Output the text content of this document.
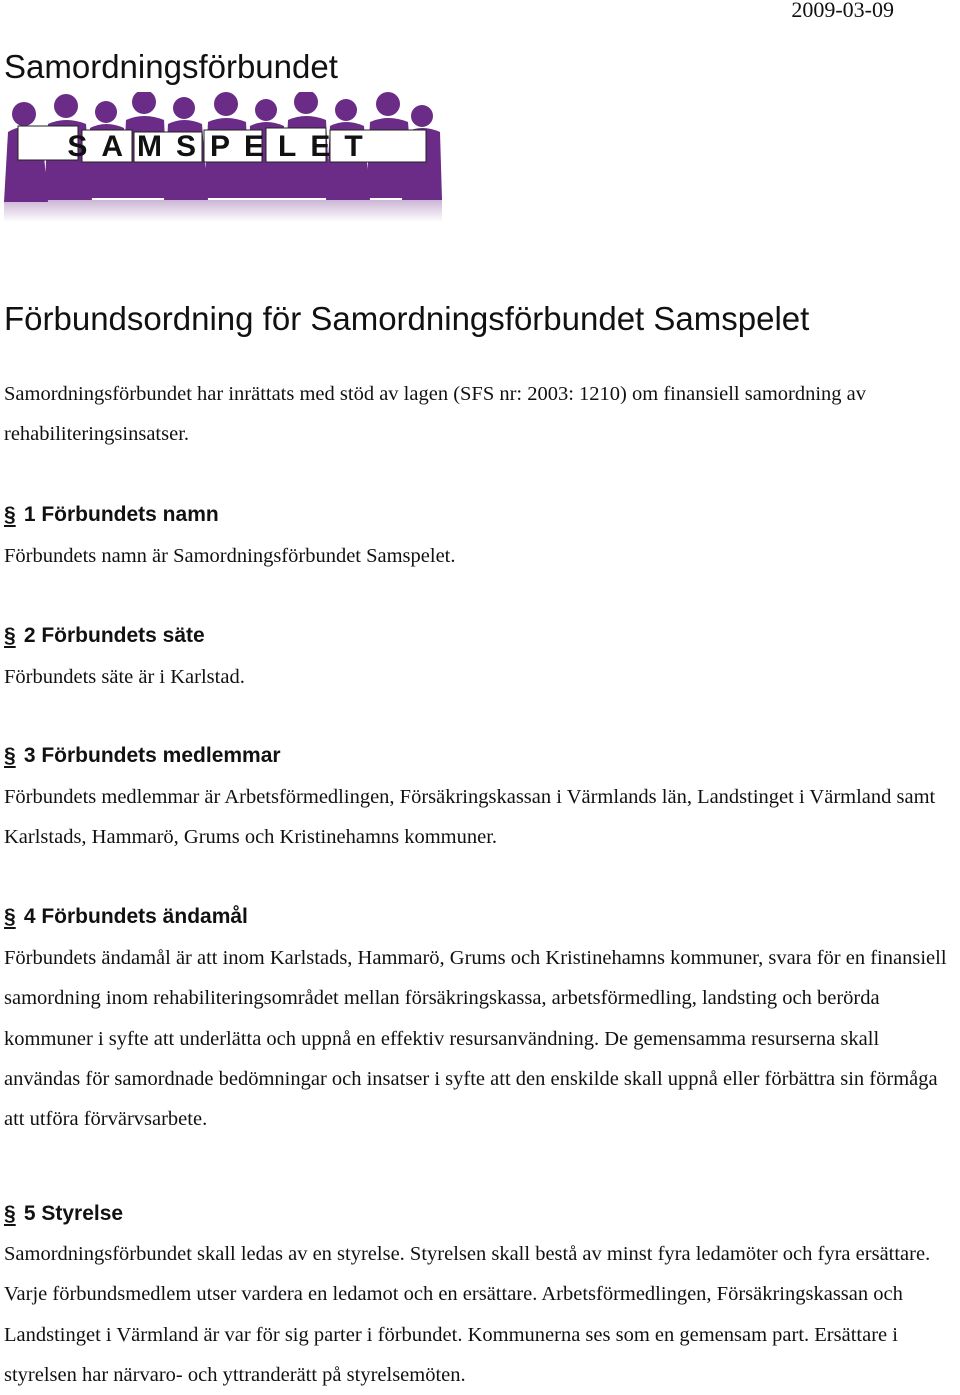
2009-03-09
Samordningsförbundet
SAMSPELET
Förbundsordning för Samordningsförbundet Samspelet

Samordningsförbundet har inrättats med stöd av lagen (SFS nr: 2003: 1210) om finansiell samordning av rehabiliteringsinsatser.

§ 1 Förbundets namn

Förbundets namn är Samordningsförbundet Samspelet.

§ 2 Förbundets säte

Förbundets säte är i Karlstad.

§ 3 Förbundets medlemmar

Förbundets medlemmar är Arbetsförmedlingen, Försäkringskassan i Värmlands län, Landstinget i Värmland samt Karlstads, Hammarö, Grums och Kristinehamns kommuner.

§ 4 Förbundets ändamål

Förbundets ändamål är att inom Karlstads, Hammarö, Grums och Kristinehamns kommuner, svara för en finansiell samordning inom rehabiliteringsområdet mellan försäkringskassa, arbetsförmedling, landsting och berörda kommuner i syfte att underlätta och uppnå en effektiv resursanvändning. De gemensamma resurserna skall användas för samordnade bedömningar och insatser i syfte att den enskilde skall uppnå eller förbättra sin förmåga att utföra förvärvsarbete.

§ 5 Styrelse

Samordningsförbundet skall ledas av en styrelse. Styrelsen skall bestå av minst fyra ledamöter och fyra ersättare. Varje förbundsmedlem utser vardera en ledamot och en ersättare. Arbetsförmedlingen, Försäkringskassan och Landstinget i Värmland är var för sig parter i förbundet. Kommunerna ses som en gemensam part. Ersättare i styrelsen har närvaro- och yttranderätt på styrelsemöten.
